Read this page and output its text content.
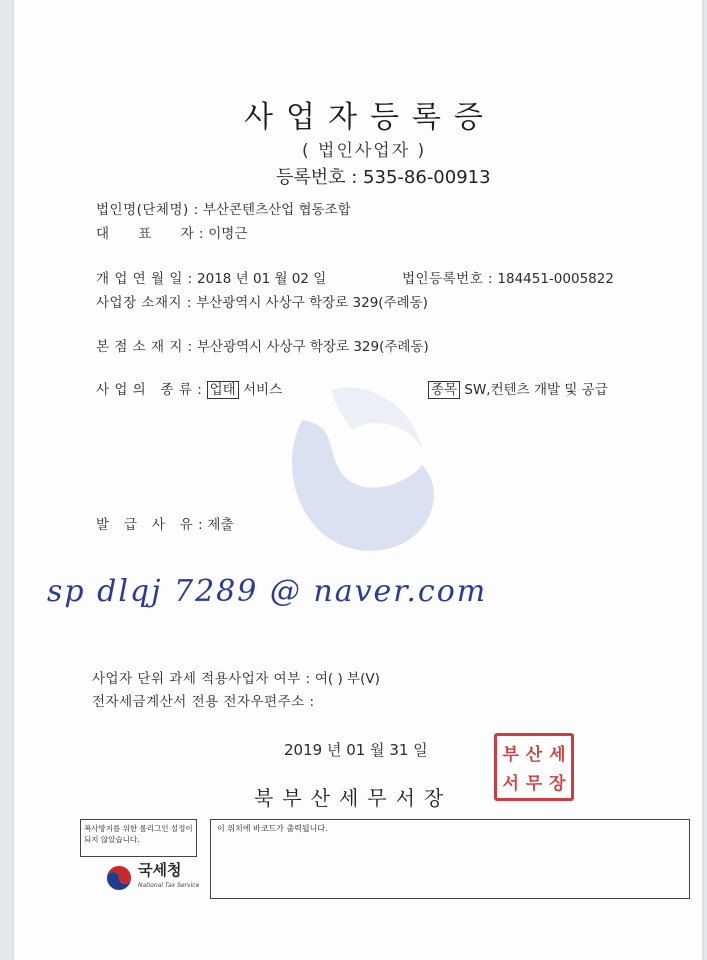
사업자등록증
( 법인사업자 )
등록번호 : 535-86-00913
법인명(단체명) : 부산콘텐츠산업 협동조합
대      표      자 : 이명근
개 업 연 월 일 : 2018 년 01 월 02 일	법인등록번호 : 184451-0005822
사업장 소재지 : 부산광역시 사상구 학장로 329(주례동)
본 점 소 재 지 : 부산광역시 사상구 학장로 329(주례동)
사 업 의   종 류 : 업태 서비스	종목 SW,컨텐츠 개발 및 공급
발   급   사   유 : 제출
sp dlqj 7289 @ naver.com
사업자 단위 과세 적용사업자 여부 : 여( ) 부(V)
전자세금계산서 전용 전자우편주소 :
2019 년 01 월 31 일
북부산세무서장
부 산 세
서 무 장
복사방지를 위한 롤리그인 설정이 되지 않았습니다.
이 위치에 바코드가 출력됩니다.
국세청
National Tax Service
